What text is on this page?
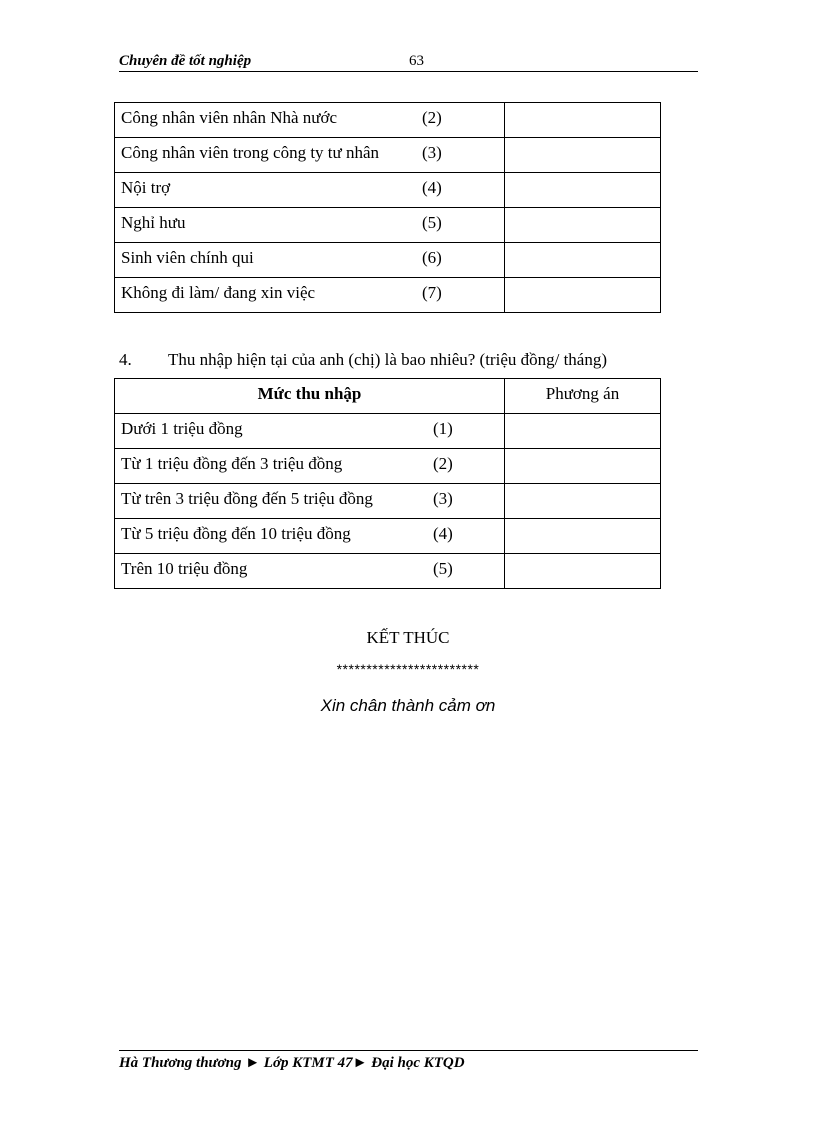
Chuyên đề tốt nghiệp	63
Công nhân viên nhân Nhà nước (2)	

Công nhân viên trong công ty tư nhân (3)	

Nội trợ (4)	

Nghỉ hưu (5)	

Sinh viên chính qui (6)	

Không đi làm/ đang xin việc (7)	

4. Thu nhập hiện tại của anh (chị) là bao nhiêu? (triệu đồng/ tháng)
Mức thu nhập	Phương án

Dưới 1 triệu đồng (1)	

Từ 1 triệu đồng đến 3 triệu đồng (2)	

Từ trên 3 triệu đồng đến 5 triệu đồng (3)	

Từ 5 triệu đồng đến 10 triệu đồng (4)	

Trên 10 triệu đồng (5)	

KẾT THÚC
************************
Xin chân thành cảm ơn
Hà Thương thương ► Lớp KTMT 47► Đại học KTQD
